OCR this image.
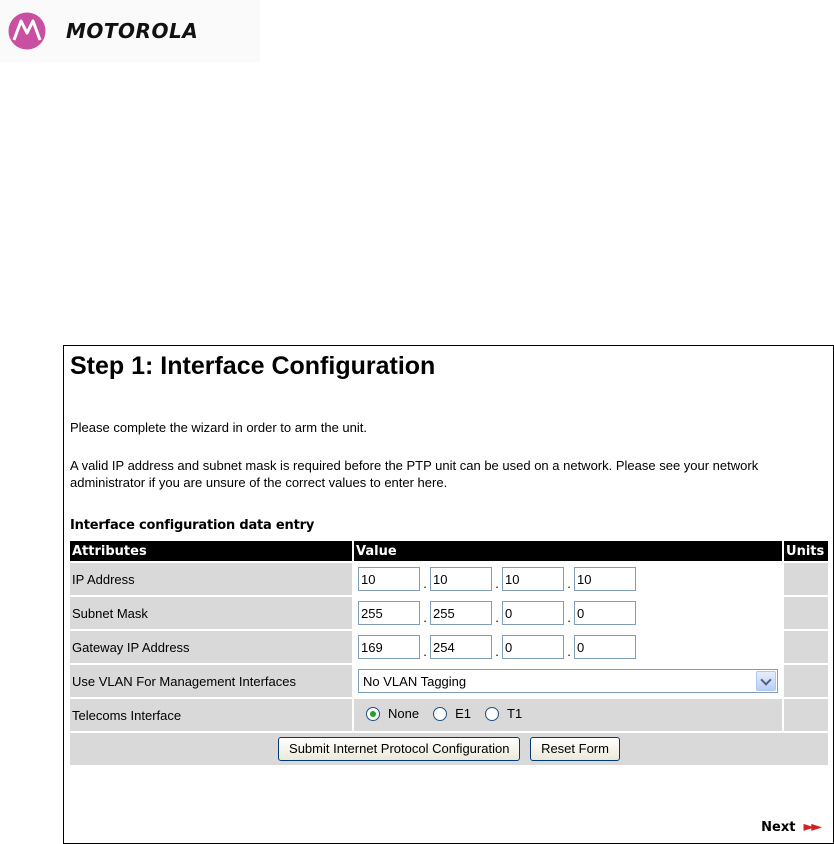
MOTOROLA
Step 1: Interface Configuration

Please complete the wizard in order to arm the unit.

A valid IP address and subnet mask is required before the PTP unit can be used on a network. Please see your network administrator if you are unsure of the correct values to enter here.

Interface configuration data entry
Attributes	Value	Units
IP Address	10.10 .10 .10	
Subnet Mask	255.255 .0 .0	
Gateway IP Address	169.254 .0 .0	
Use VLAN For Management Interfaces	No VLAN Tagging	

Telecoms Interface	None E1 T1	

Submit Internet Protocol Configuration Reset Form		
Next ►►
